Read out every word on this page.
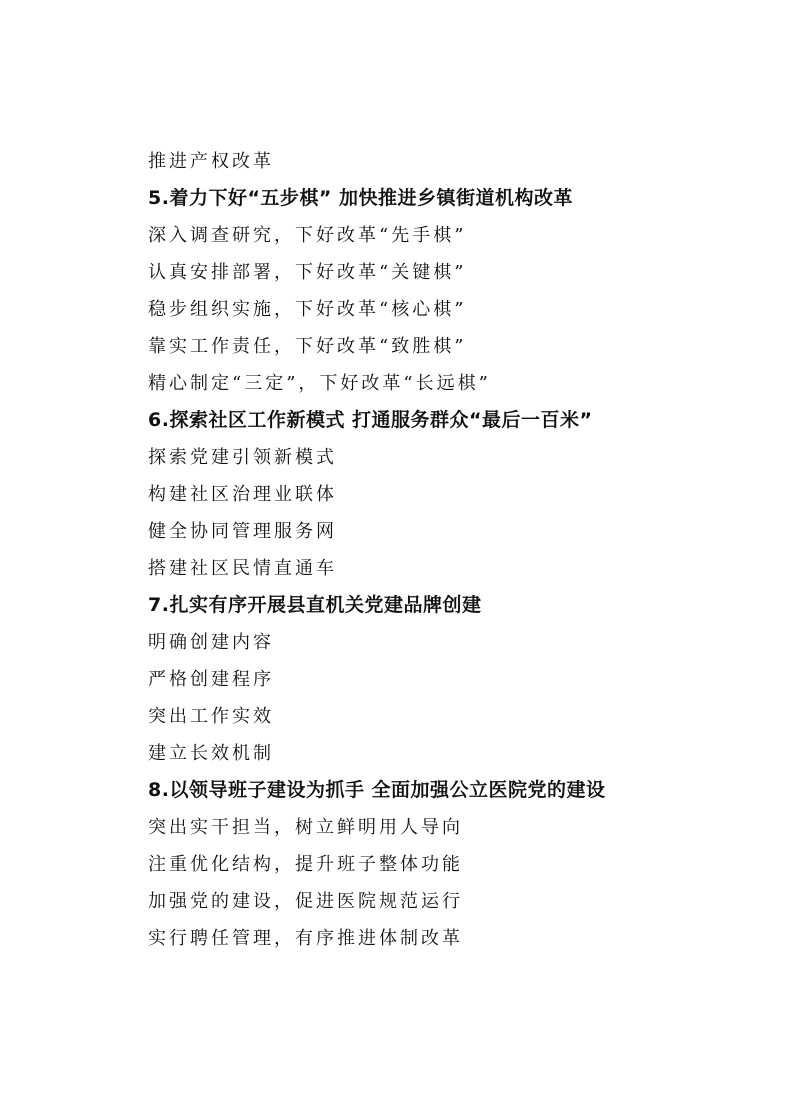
推进产权改革
5.着力下好“五步棋” 加快推进乡镇街道机构改革
深入调查研究，下好改革“先手棋”
认真安排部署，下好改革“关键棋”
稳步组织实施，下好改革“核心棋”
靠实工作责任，下好改革“致胜棋”
精心制定“三定”，下好改革“长远棋”
6.探索社区工作新模式 打通服务群众“最后一百米”
探索党建引领新模式
构建社区治理业联体
健全协同管理服务网
搭建社区民情直通车
7.扎实有序开展县直机关党建品牌创建
明确创建内容
严格创建程序
突出工作实效
建立长效机制
8.以领导班子建设为抓手 全面加强公立医院党的建设
突出实干担当，树立鲜明用人导向
注重优化结构，提升班子整体功能
加强党的建设，促进医院规范运行
实行聘任管理，有序推进体制改革
